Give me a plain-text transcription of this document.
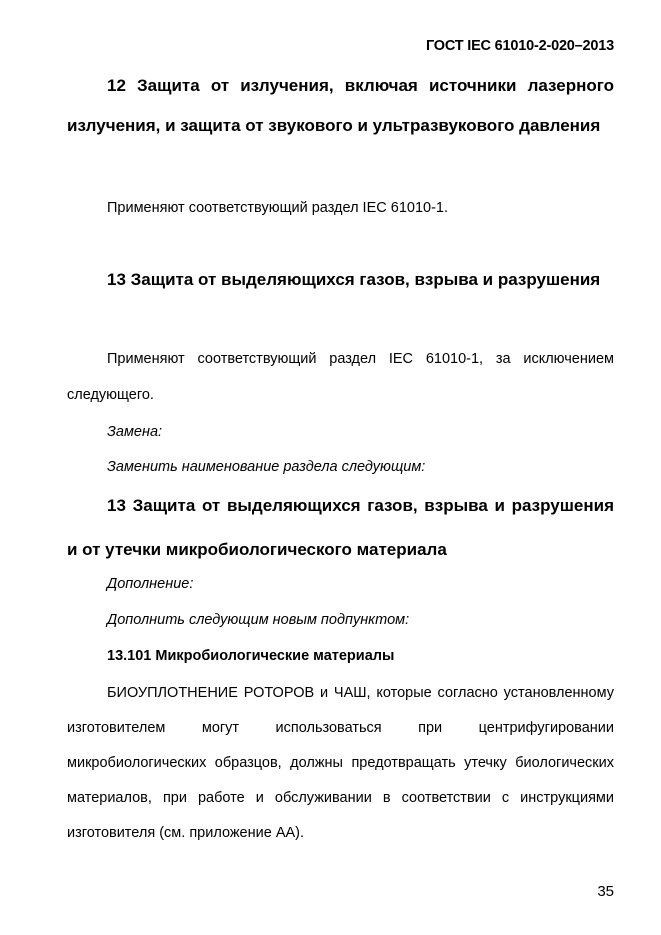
ГОСТ IEC 61010-2-020–2013
12 Защита от излучения, включая источники лазерного излучения, и защита от звукового и ультразвукового давления
Применяют соответствующий раздел IEC 61010-1.
13 Защита от выделяющихся газов, взрыва и разрушения
Применяют соответствующий раздел IEC 61010-1, за исключением следующего.
Замена:
Заменить наименование раздела следующим:
13 Защита от выделяющихся газов, взрыва и разрушения и от утечки микробиологического материала
Дополнение:
Дополнить следующим новым подпунктом:
13.101 Микробиологические материалы
БИОУПЛОТНЕНИЕ РОТОРОВ и ЧАШ, которые согласно установленному изготовителем могут использоваться при центрифугировании микробиологических образцов, должны предотвращать утечку биологических материалов, при работе и обслуживании в соответствии с инструкциями изготовителя (см. приложение АА).
35
